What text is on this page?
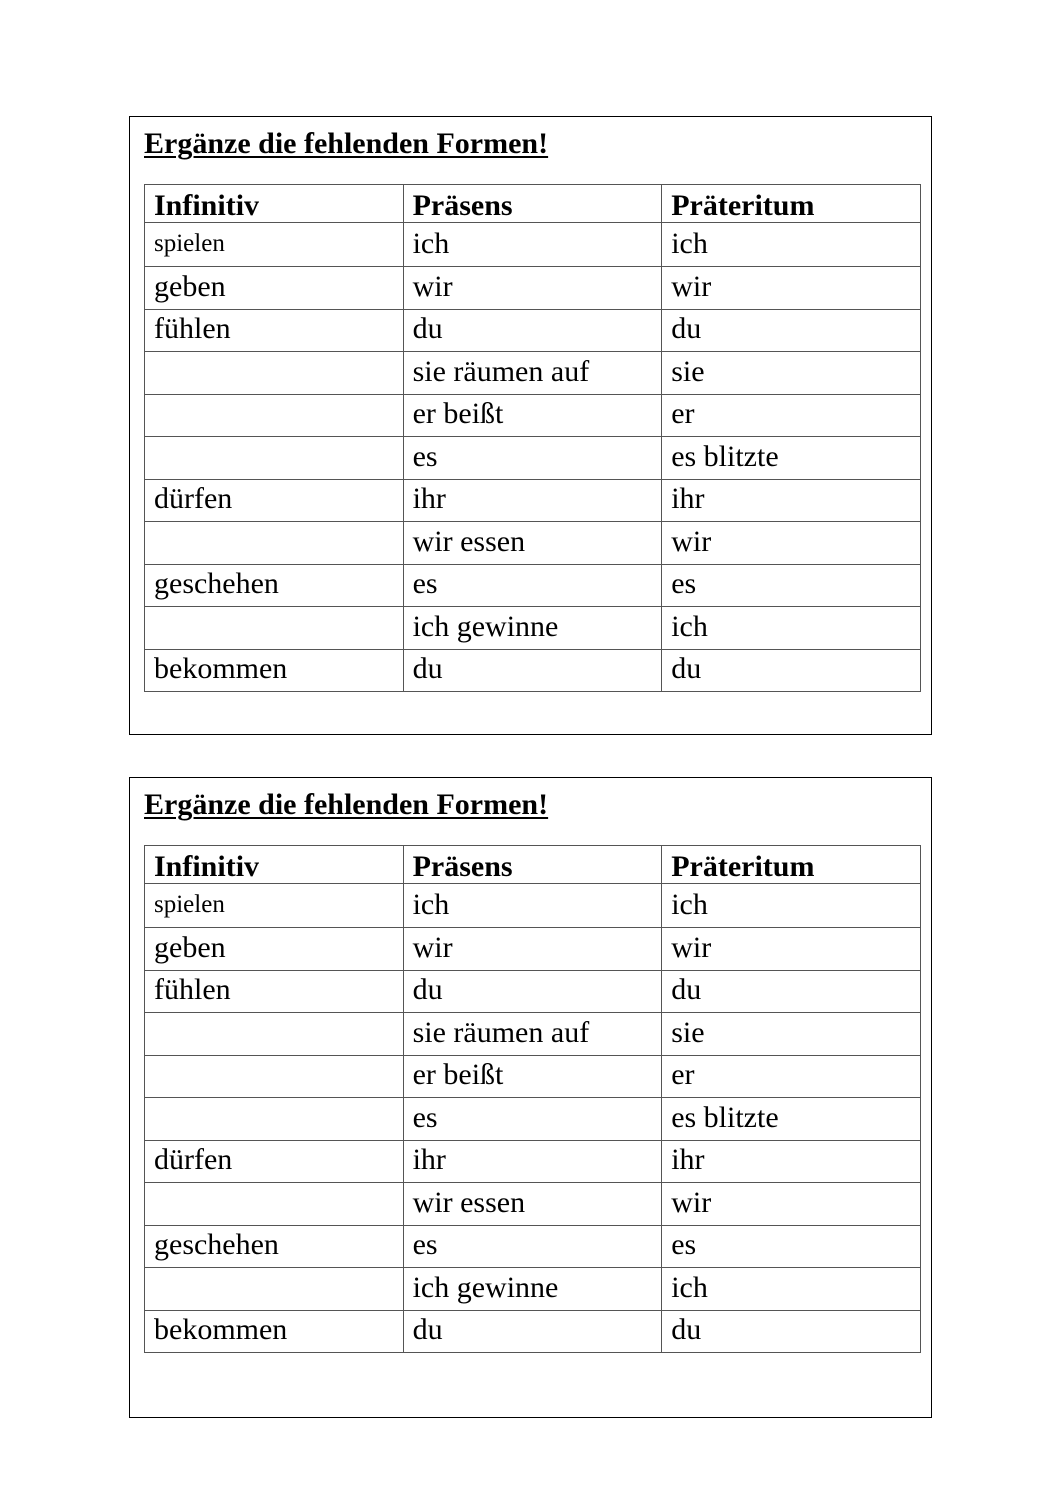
Ergänze die fehlenden Formen!
Infinitiv	Präsens	Präteritum
spielen	ich	ich
geben	wir	wir
fühlen	du	du
	sie räumen auf	sie
	er beißt	er
	es	es blitzte
dürfen	ihr	ihr
	wir essen	wir
geschehen	es	es
	ich gewinne	ich
bekommen	du	du
Ergänze die fehlenden Formen!
Infinitiv	Präsens	Präteritum
spielen	ich	ich
geben	wir	wir
fühlen	du	du
	sie räumen auf	sie
	er beißt	er
	es	es blitzte
dürfen	ihr	ihr
	wir essen	wir
geschehen	es	es
	ich gewinne	ich
bekommen	du	du
